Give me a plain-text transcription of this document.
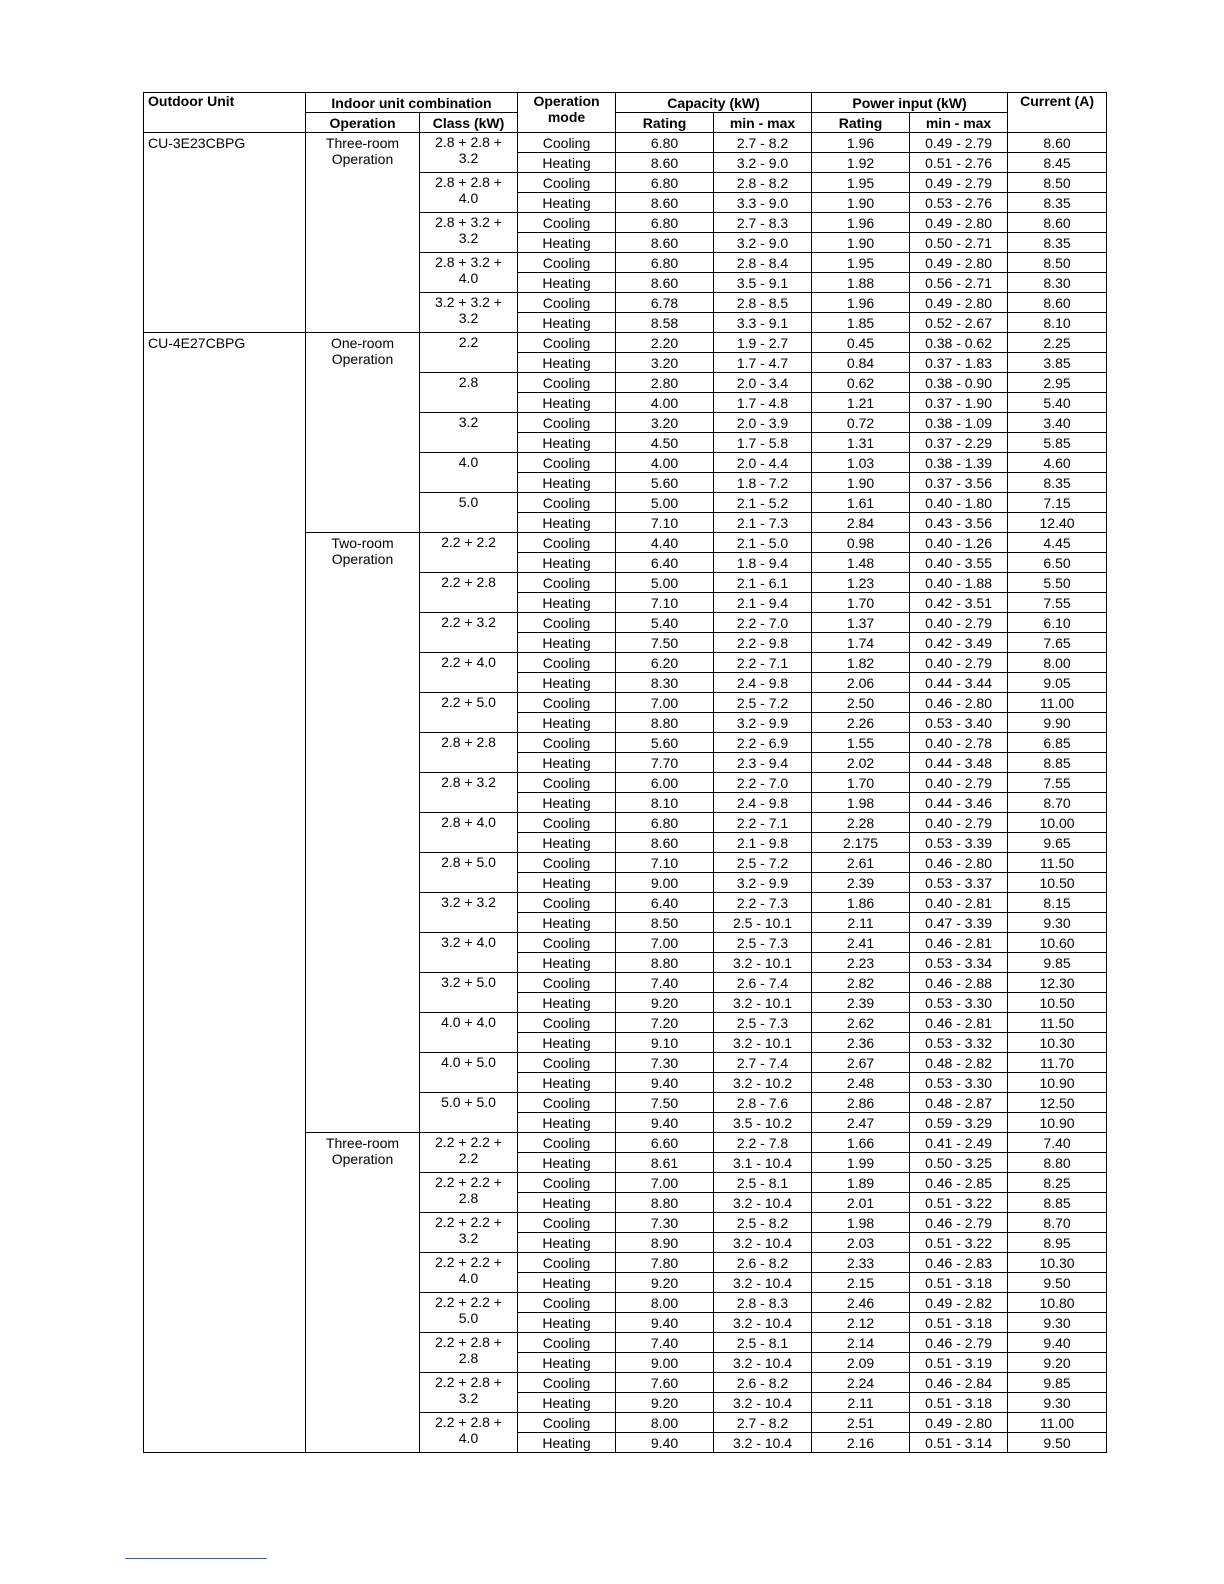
Outdoor Unit	Indoor unit combination		Operation mode	Capacity (kW)		Power input (kW)		Current (A)
	Operation	Class (kW)		Rating	min - max	Rating	min - max	
CU-3E23CBPG	Three-room Operation	2.8 + 2.8 + 3.2	Cooling	6.80	2.7 - 8.2	1.96	0.49 - 2.79	8.60
			Heating	8.60	3.2 - 9.0	1.92	0.51 - 2.76	8.45
		2.8 + 2.8 + 4.0	Cooling	6.80	2.8 - 8.2	1.95	0.49 - 2.79	8.50
			Heating	8.60	3.3 - 9.0	1.90	0.53 - 2.76	8.35
		2.8 + 3.2 + 3.2	Cooling	6.80	2.7 - 8.3	1.96	0.49 - 2.80	8.60
			Heating	8.60	3.2 - 9.0	1.90	0.50 - 2.71	8.35
		2.8 + 3.2 + 4.0	Cooling	6.80	2.8 - 8.4	1.95	0.49 - 2.80	8.50
			Heating	8.60	3.5 - 9.1	1.88	0.56 - 2.71	8.30
		3.2 + 3.2 + 3.2	Cooling	6.78	2.8 - 8.5	1.96	0.49 - 2.80	8.60
			Heating	8.58	3.3 - 9.1	1.85	0.52 - 2.67	8.10
CU-4E27CBPG	One-room Operation	2.2	Cooling	2.20	1.9 - 2.7	0.45	0.38 - 0.62	2.25
			Heating	3.20	1.7 - 4.7	0.84	0.37 - 1.83	3.85
		2.8	Cooling	2.80	2.0 - 3.4	0.62	0.38 - 0.90	2.95
			Heating	4.00	1.7 - 4.8	1.21	0.37 - 1.90	5.40
		3.2	Cooling	3.20	2.0 - 3.9	0.72	0.38 - 1.09	3.40
			Heating	4.50	1.7 - 5.8	1.31	0.37 - 2.29	5.85
		4.0	Cooling	4.00	2.0 - 4.4	1.03	0.38 - 1.39	4.60
			Heating	5.60	1.8 - 7.2	1.90	0.37 - 3.56	8.35
		5.0	Cooling	5.00	2.1 - 5.2	1.61	0.40 - 1.80	7.15
			Heating	7.10	2.1 - 7.3	2.84	0.43 - 3.56	12.40
	Two-room Operation	2.2 + 2.2	Cooling	4.40	2.1 - 5.0	0.98	0.40 - 1.26	4.45
			Heating	6.40	1.8 - 9.4	1.48	0.40 - 3.55	6.50
		2.2 + 2.8	Cooling	5.00	2.1 - 6.1	1.23	0.40 - 1.88	5.50
			Heating	7.10	2.1 - 9.4	1.70	0.42 - 3.51	7.55
		2.2 + 3.2	Cooling	5.40	2.2 - 7.0	1.37	0.40 - 2.79	6.10
			Heating	7.50	2.2 - 9.8	1.74	0.42 - 3.49	7.65
		2.2 + 4.0	Cooling	6.20	2.2 - 7.1	1.82	0.40 - 2.79	8.00
			Heating	8.30	2.4 - 9.8	2.06	0.44 - 3.44	9.05
		2.2 + 5.0	Cooling	7.00	2.5 - 7.2	2.50	0.46 - 2.80	11.00
			Heating	8.80	3.2 - 9.9	2.26	0.53 - 3.40	9.90
		2.8 + 2.8	Cooling	5.60	2.2 - 6.9	1.55	0.40 - 2.78	6.85
			Heating	7.70	2.3 - 9.4	2.02	0.44 - 3.48	8.85
		2.8 + 3.2	Cooling	6.00	2.2 - 7.0	1.70	0.40 - 2.79	7.55
			Heating	8.10	2.4 - 9.8	1.98	0.44 - 3.46	8.70
		2.8 + 4.0	Cooling	6.80	2.2 - 7.1	2.28	0.40 - 2.79	10.00
			Heating	8.60	2.1 - 9.8	2.175	0.53 - 3.39	9.65
		2.8 + 5.0	Cooling	7.10	2.5 - 7.2	2.61	0.46 - 2.80	11.50
			Heating	9.00	3.2 - 9.9	2.39	0.53 - 3.37	10.50
		3.2 + 3.2	Cooling	6.40	2.2 - 7.3	1.86	0.40 - 2.81	8.15
			Heating	8.50	2.5 - 10.1	2.11	0.47 - 3.39	9.30
		3.2 + 4.0	Cooling	7.00	2.5 - 7.3	2.41	0.46 - 2.81	10.60
			Heating	8.80	3.2 - 10.1	2.23	0.53 - 3.34	9.85
		3.2 + 5.0	Cooling	7.40	2.6 - 7.4	2.82	0.46 - 2.88	12.30
			Heating	9.20	3.2 - 10.1	2.39	0.53 - 3.30	10.50
		4.0 + 4.0	Cooling	7.20	2.5 - 7.3	2.62	0.46 - 2.81	11.50
			Heating	9.10	3.2 - 10.1	2.36	0.53 - 3.32	10.30
		4.0 + 5.0	Cooling	7.30	2.7 - 7.4	2.67	0.48 - 2.82	11.70
			Heating	9.40	3.2 - 10.2	2.48	0.53 - 3.30	10.90
		5.0 + 5.0	Cooling	7.50	2.8 - 7.6	2.86	0.48 - 2.87	12.50
			Heating	9.40	3.5 - 10.2	2.47	0.59 - 3.29	10.90
	Three-room Operation	2.2 + 2.2 + 2.2	Cooling	6.60	2.2 - 7.8	1.66	0.41 - 2.49	7.40
			Heating	8.61	3.1 - 10.4	1.99	0.50 - 3.25	8.80
		2.2 + 2.2 + 2.8	Cooling	7.00	2.5 - 8.1	1.89	0.46 - 2.85	8.25
			Heating	8.80	3.2 - 10.4	2.01	0.51 - 3.22	8.85
		2.2 + 2.2 + 3.2	Cooling	7.30	2.5 - 8.2	1.98	0.46 - 2.79	8.70
			Heating	8.90	3.2 - 10.4	2.03	0.51 - 3.22	8.95
		2.2 + 2.2 + 4.0	Cooling	7.80	2.6 - 8.2	2.33	0.46 - 2.83	10.30
			Heating	9.20	3.2 - 10.4	2.15	0.51 - 3.18	9.50
		2.2 + 2.2 + 5.0	Cooling	8.00	2.8 - 8.3	2.46	0.49 - 2.82	10.80
			Heating	9.40	3.2 - 10.4	2.12	0.51 - 3.18	9.30
		2.2 + 2.8 + 2.8	Cooling	7.40	2.5 - 8.1	2.14	0.46 - 2.79	9.40
			Heating	9.00	3.2 - 10.4	2.09	0.51 - 3.19	9.20
		2.2 + 2.8 + 3.2	Cooling	7.60	2.6 - 8.2	2.24	0.46 - 2.84	9.85
			Heating	9.20	3.2 - 10.4	2.11	0.51 - 3.18	9.30
		2.2 + 2.8 + 4.0	Cooling	8.00	2.7 - 8.2	2.51	0.49 - 2.80	11.00
			Heating	9.40	3.2 - 10.4	2.16	0.51 - 3.14	9.50
